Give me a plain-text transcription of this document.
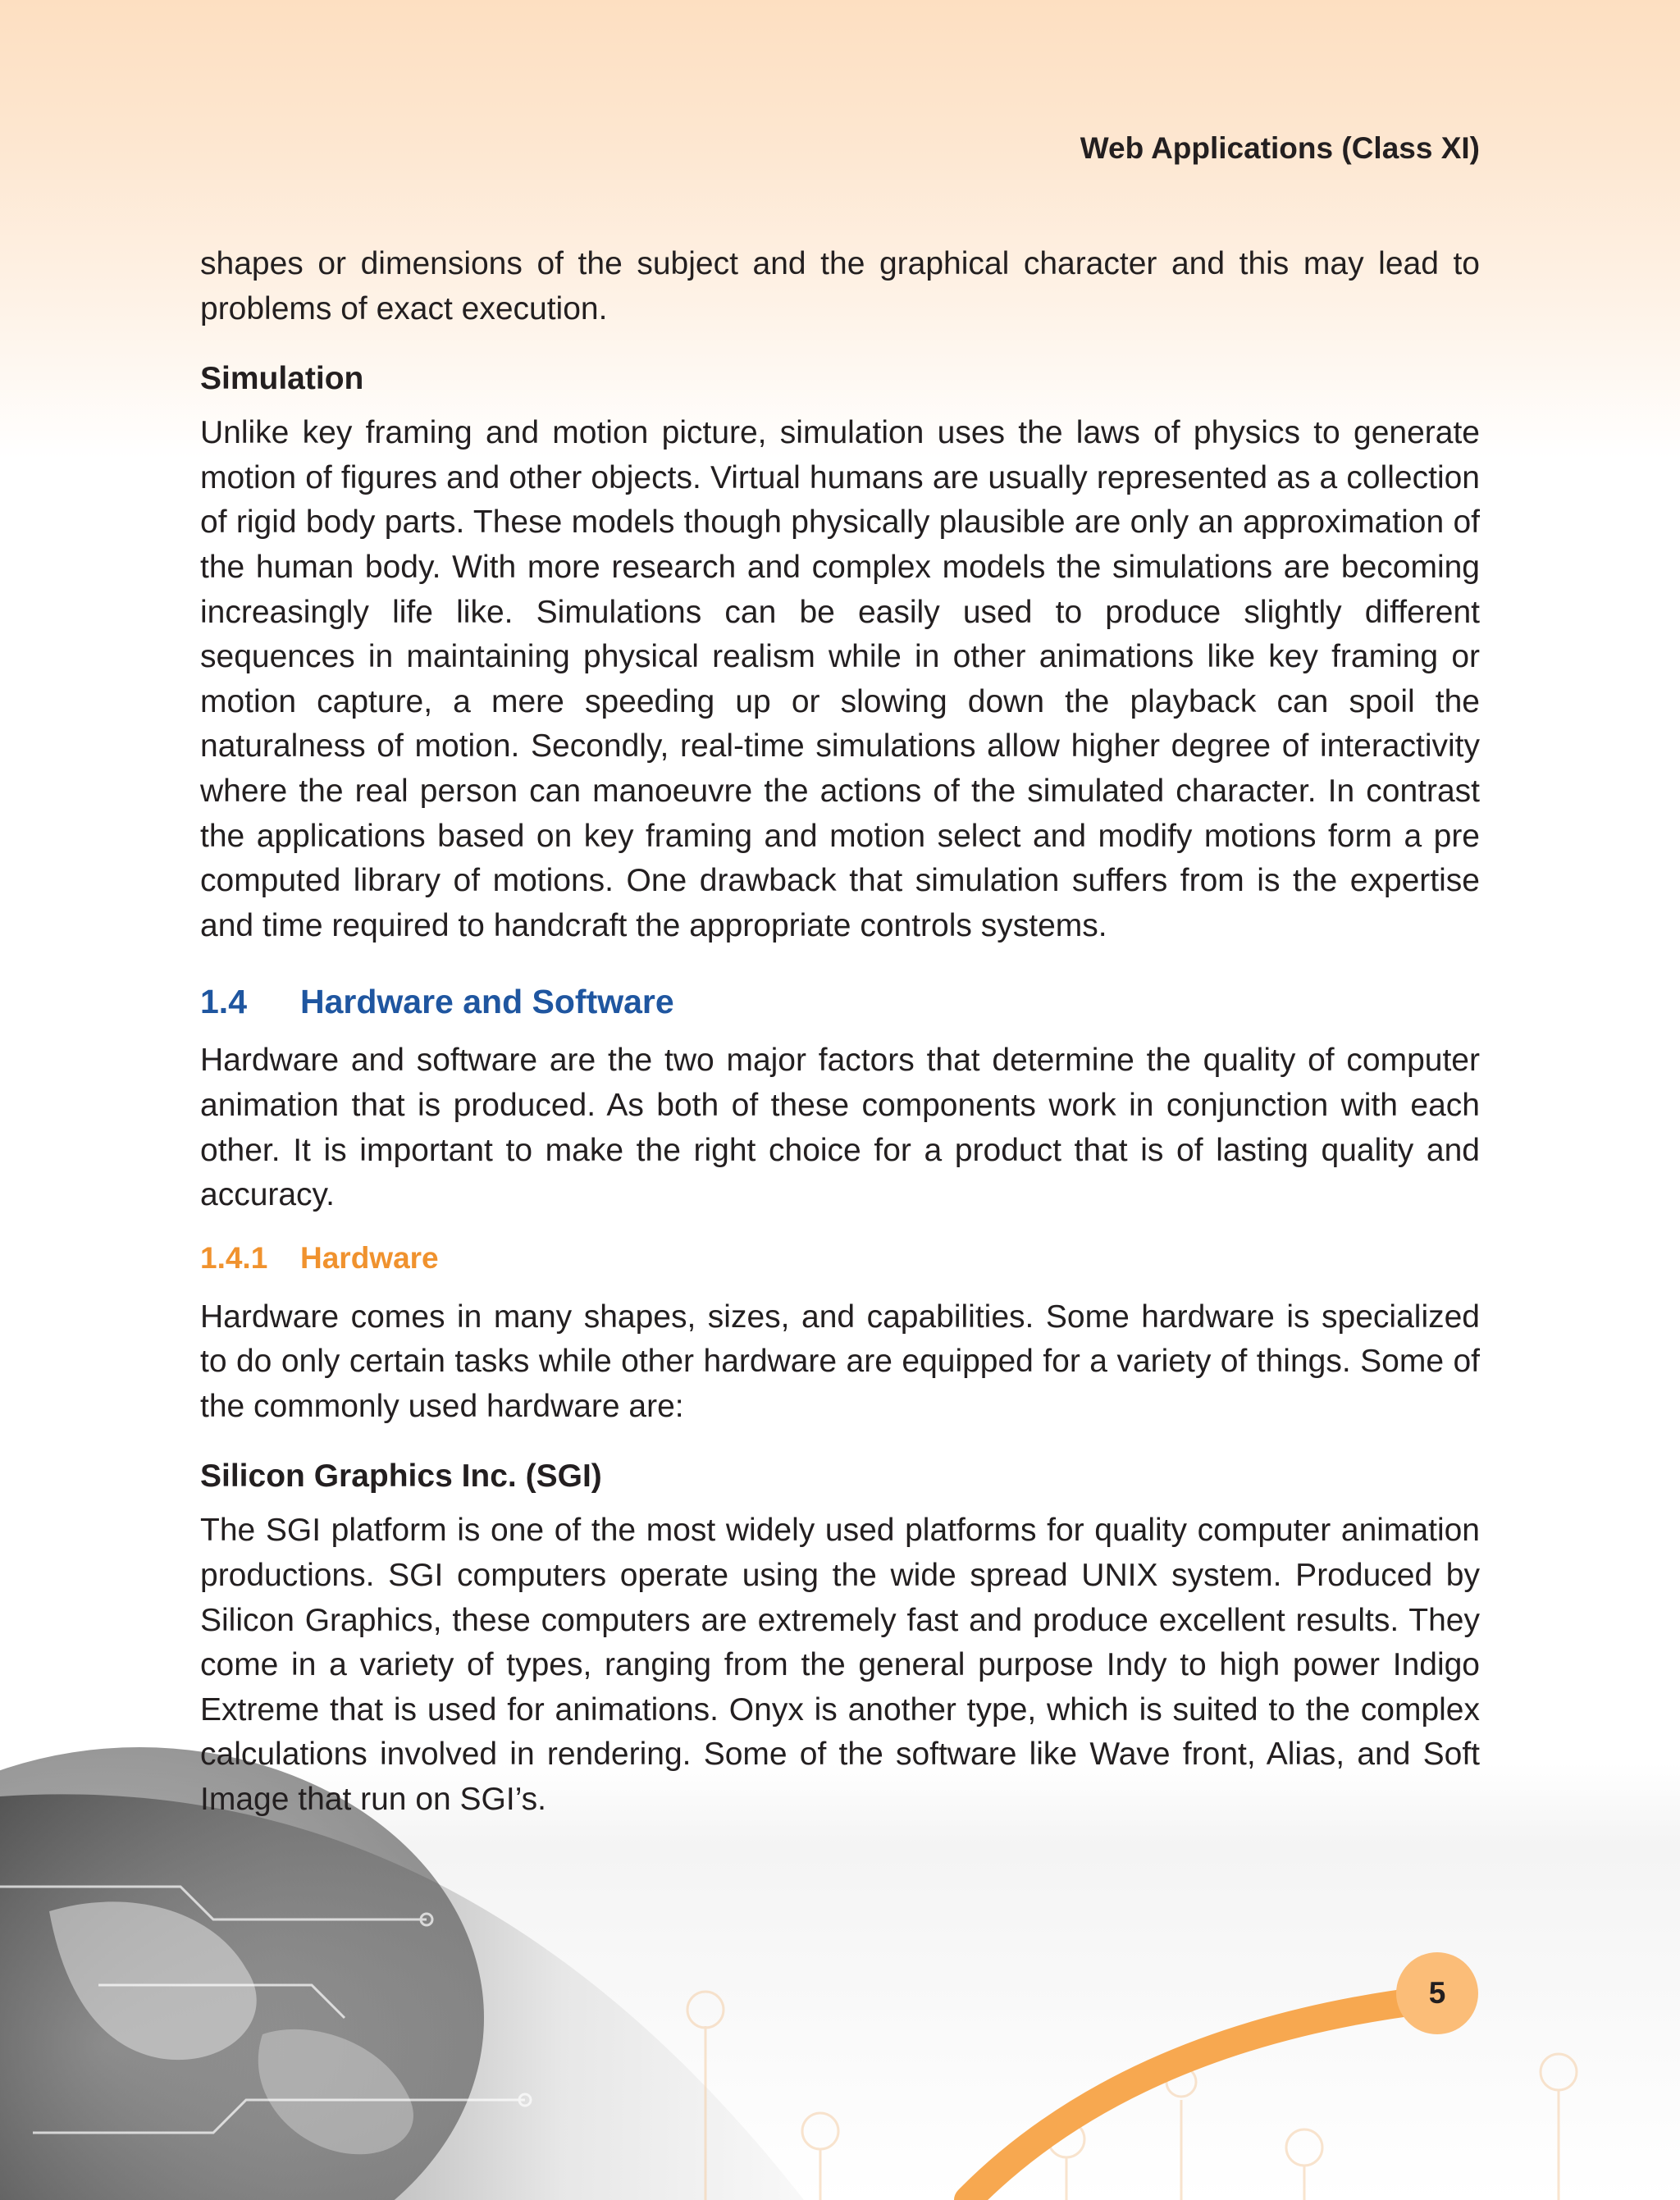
Web Applications (Class XI)

shapes or dimensions of the subject and the graphical character and this may lead to problems of exact execution.

Simulation

Unlike key framing and motion picture, simulation uses the laws of physics to generate motion of figures and other objects. Virtual humans are usually represented as a collection of rigid body parts. These models though physically plausible are only an approximation of the human body. With more research and complex models the simulations are becoming increasingly life like. Simulations can be easily used to produce slightly different sequences in maintaining physical realism while in other animations like key framing or motion capture, a mere speeding up or slowing down the playback can spoil the naturalness of motion. Secondly, real-time simulations allow higher degree of interactivity where the real person can manoeuvre the actions of the simulated character. In contrast the applications based on key framing and motion select and modify motions form a pre computed library of motions. One drawback that simulation suffers from is the expertise and time required to handcraft the appropriate controls systems.

1.4 Hardware and Software

Hardware and software are the two major factors that determine the quality of computer animation that is produced. As both of these components work in conjunction with each other. It is important to make the right choice for a product that is of lasting quality and accuracy.

1.4.1 Hardware

Hardware comes in many shapes, sizes, and capabilities. Some hardware is specialized to do only certain tasks while other hardware are equipped for a variety of things. Some of the commonly used hardware are:

Silicon Graphics Inc. (SGI)

The SGI platform is one of the most widely used platforms for quality computer animation productions. SGI computers operate using the wide spread UNIX system. Produced by Silicon Graphics, these computers are extremely fast and produce excellent results. They come in a variety of types, ranging from the general purpose Indy to high power Indigo Extreme that is used for animations. Onyx is another type, which is suited to the complex calculations involved in rendering. Some of the software like Wave front, Alias, and Soft Image that run on SGI’s.

5
